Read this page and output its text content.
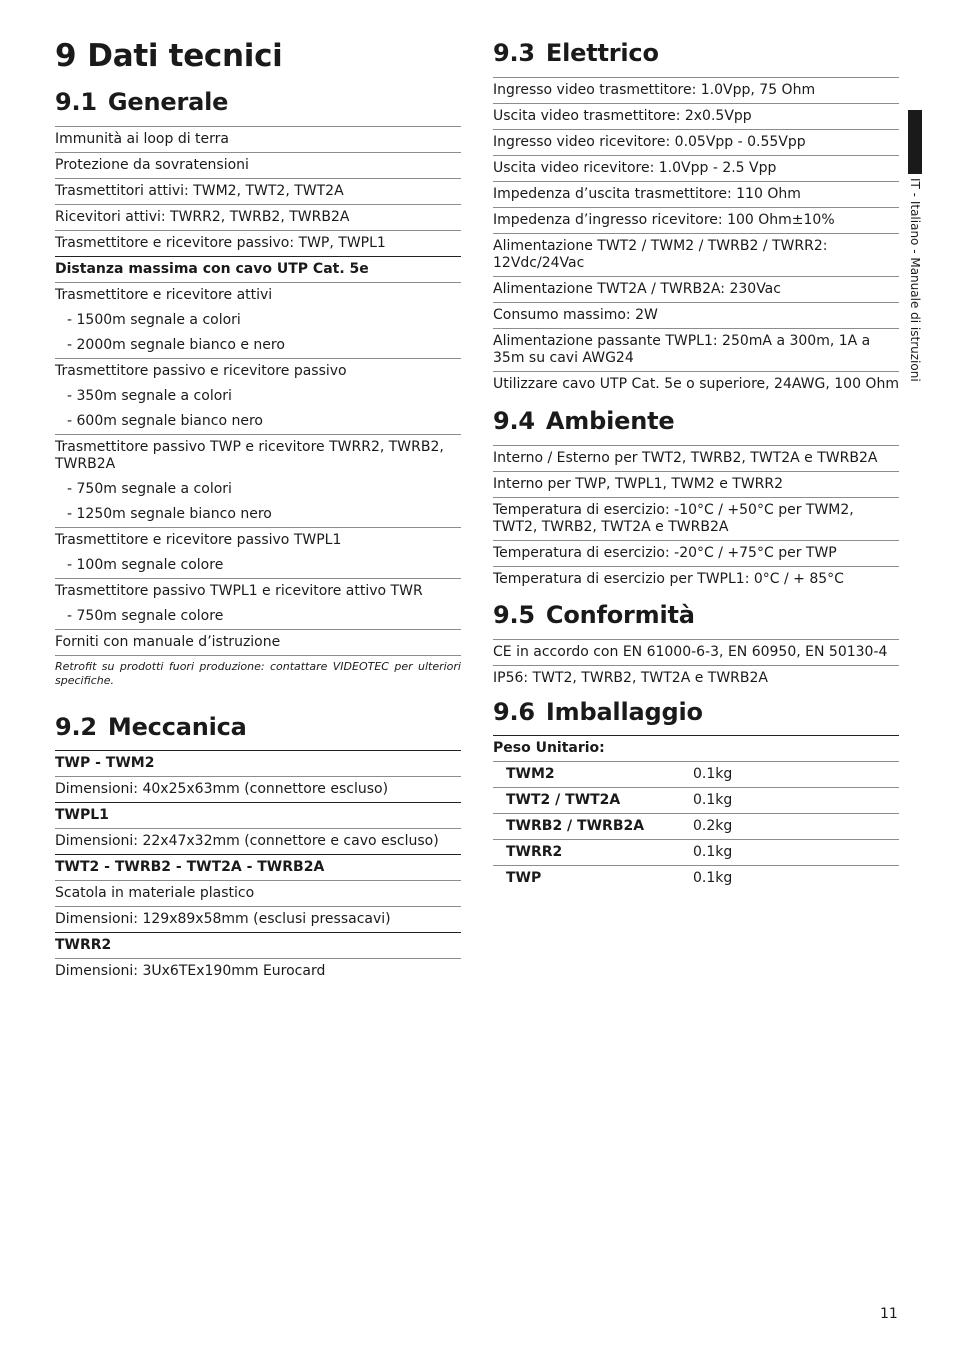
9 Dati tecnici
9.1 Generale
Immunità ai loop di terra
Protezione da sovratensioni
Trasmettitori attivi: TWM2, TWT2, TWT2A
Ricevitori attivi: TWRR2, TWRB2, TWRB2A
Trasmettitore e ricevitore passivo: TWP, TWPL1
Distanza massima con cavo UTP Cat. 5e
Trasmettitore e ricevitore attivi
- 1500m segnale a colori
- 2000m segnale bianco e nero
Trasmettitore passivo e ricevitore passivo
- 350m segnale a colori
- 600m segnale bianco nero
Trasmettitore passivo TWP e ricevitore TWRR2, TWRB2, TWRB2A
- 750m segnale a colori
- 1250m segnale bianco nero
Trasmettitore e ricevitore passivo TWPL1
- 100m segnale colore
Trasmettitore passivo TWPL1 e ricevitore attivo TWR
- 750m segnale colore
Forniti con manuale d’istruzione
Retrofit su prodotti fuori produzione: contattare VIDEOTEC per ulteriori specifiche.
9.2 Meccanica
TWP - TWM2
Dimensioni: 40x25x63mm (connettore escluso)
TWPL1
Dimensioni: 22x47x32mm (connettore e cavo escluso)
TWT2 - TWRB2 - TWT2A - TWRB2A
Scatola in materiale plastico
Dimensioni: 129x89x58mm (esclusi pressacavi)
TWRR2
Dimensioni: 3Ux6TEx190mm Eurocard
9.3 Elettrico
Ingresso video trasmettitore: 1.0Vpp, 75 Ohm
Uscita video trasmettitore: 2x0.5Vpp
Ingresso video ricevitore: 0.05Vpp - 0.55Vpp
Uscita video ricevitore: 1.0Vpp - 2.5 Vpp
Impedenza d’uscita trasmettitore: 110 Ohm
Impedenza d’ingresso ricevitore: 100 Ohm±10%
Alimentazione TWT2 / TWM2 / TWRB2 / TWRR2: 12Vdc/24Vac
Alimentazione TWT2A / TWRB2A: 230Vac
Consumo massimo: 2W
Alimentazione passante TWPL1: 250mA a 300m, 1A a 35m su cavi AWG24
Utilizzare cavo UTP Cat. 5e o superiore, 24AWG, 100 Ohm
9.4 Ambiente
Interno / Esterno per TWT2, TWRB2, TWT2A e TWRB2A
Interno per TWP, TWPL1, TWM2 e TWRR2
Temperatura di esercizio: -10°C / +50°C per TWM2, TWT2, TWRB2, TWT2A e TWRB2A
Temperatura di esercizio: -20°C / +75°C per TWP
Temperatura di esercizio per TWPL1: 0°C / + 85°C
9.5 Conformità
CE in accordo con EN 61000-6-3, EN 60950, EN 50130-4
IP56: TWT2, TWRB2, TWT2A e TWRB2A
9.6 Imballaggio
Peso Unitario:
TWM2	0.1kg
TWT2 / TWT2A	0.1kg
TWRB2 / TWRB2A	0.2kg
TWRR2	0.1kg
TWP	0.1kg
IT - Italiano - Manuale di istruzioni
11
